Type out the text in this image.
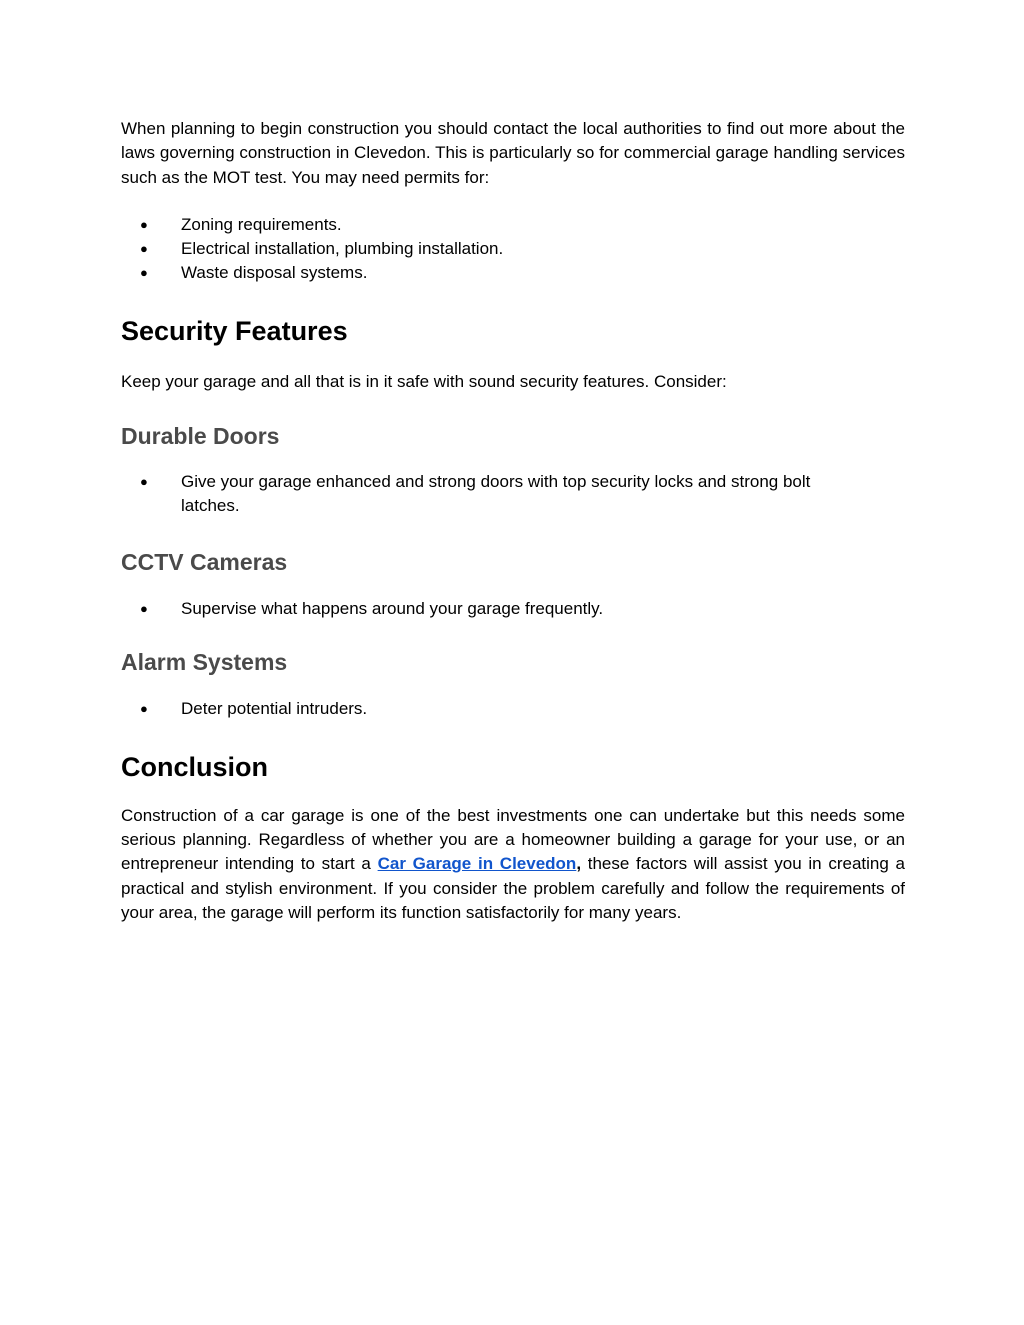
When planning to begin construction you should contact the local authorities to find out more about the laws governing construction in Clevedon. This is particularly so for commercial garage handling services such as the MOT test. You may need permits for:

● Zoning requirements.
● Electrical installation, plumbing installation.
● Waste disposal systems.
Security Features

Keep your garage and all that is in it safe with sound security features. Consider:

Durable Doors
● Give your garage enhanced and strong doors with top security locks and strong bolt latches.
CCTV Cameras
● Supervise what happens around your garage frequently.
Alarm Systems
● Deter potential intruders.
Conclusion

Construction of a car garage is one of the best investments one can undertake but this needs some serious planning. Regardless of whether you are a homeowner building a garage for your use, or an entrepreneur intending to start a Car Garage in Clevedon, these factors will assist you in creating a practical and stylish environment. If you consider the problem carefully and follow the requirements of your area, the garage will perform its function satisfactorily for many years.
